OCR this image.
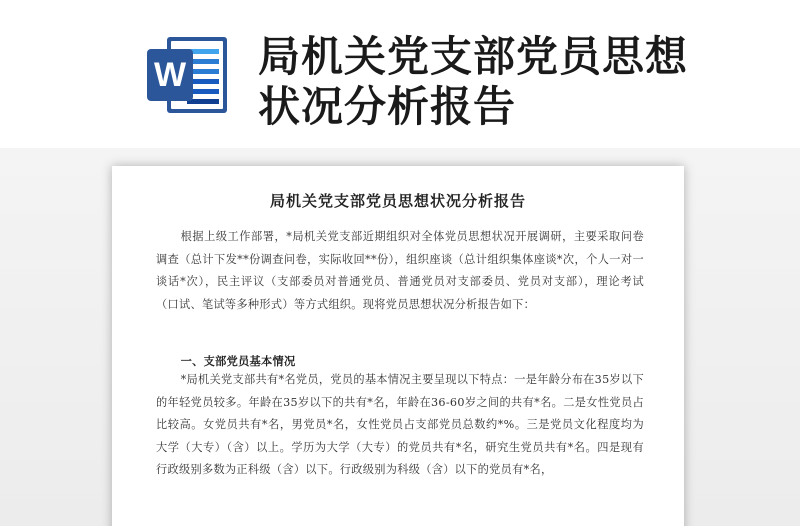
W 局机关党支部党员思想状况分析报告
局机关党支部党员思想状况分析报告
根据上级工作部署，*局机关党支部近期组织对全体党员思想状况开展调研，主要采取问卷调查（总计下发**份调查问卷，实际收回**份），组织座谈（总计组织集体座谈*次，个人一对一谈话*次），民主评议（支部委员对普通党员、普通党员对支部委员、党员对支部），理论考试（口试、笔试等多种形式）等方式组织。现将党员思想状况分析报告如下：
一、支部党员基本情况
*局机关党支部共有*名党员，党员的基本情况主要呈现以下特点：一是年龄分布在35岁以下的年轻党员较多。年龄在35岁以下的共有*名，年龄在36-60岁之间的共有*名。二是女性党员占比较高。女党员共有*名，男党员*名，女性党员占支部党员总数约*%。三是党员文化程度均为大学（大专）（含）以上。学历为大学（大专）的党员共有*名，研究生党员共有*名。四是现有行政级别多数为正科级（含）以下。行政级别为科级（含）以下的党员有*名，
